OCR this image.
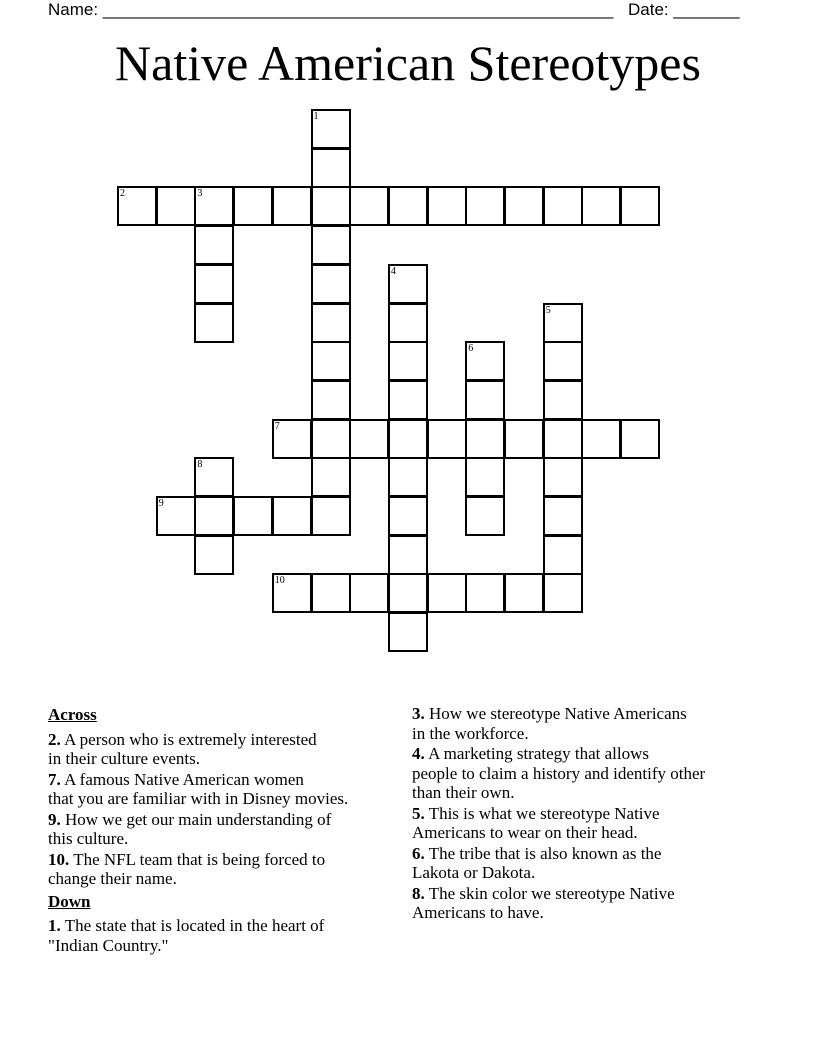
Name: ______________________________________________________ Date: _______
Native American Stereotypes
1
2	3
4
5
6
7
8
9
10
Across
2. A person who is extremely interested
in their culture events.
7. A famous Native American women
that you are familiar with in Disney movies.
9. How we get our main understanding of
this culture.
10. The NFL team that is being forced to
change their name.
Down
1. The state that is located in the heart of
"Indian Country."
3. How we stereotype Native Americans
in the workforce.
4. A marketing strategy that allows
people to claim a history and identify other
than their own.
5. This is what we stereotype Native
Americans to wear on their head.
6. The tribe that is also known as the
Lakota or Dakota.
8. The skin color we stereotype Native
Americans to have.
